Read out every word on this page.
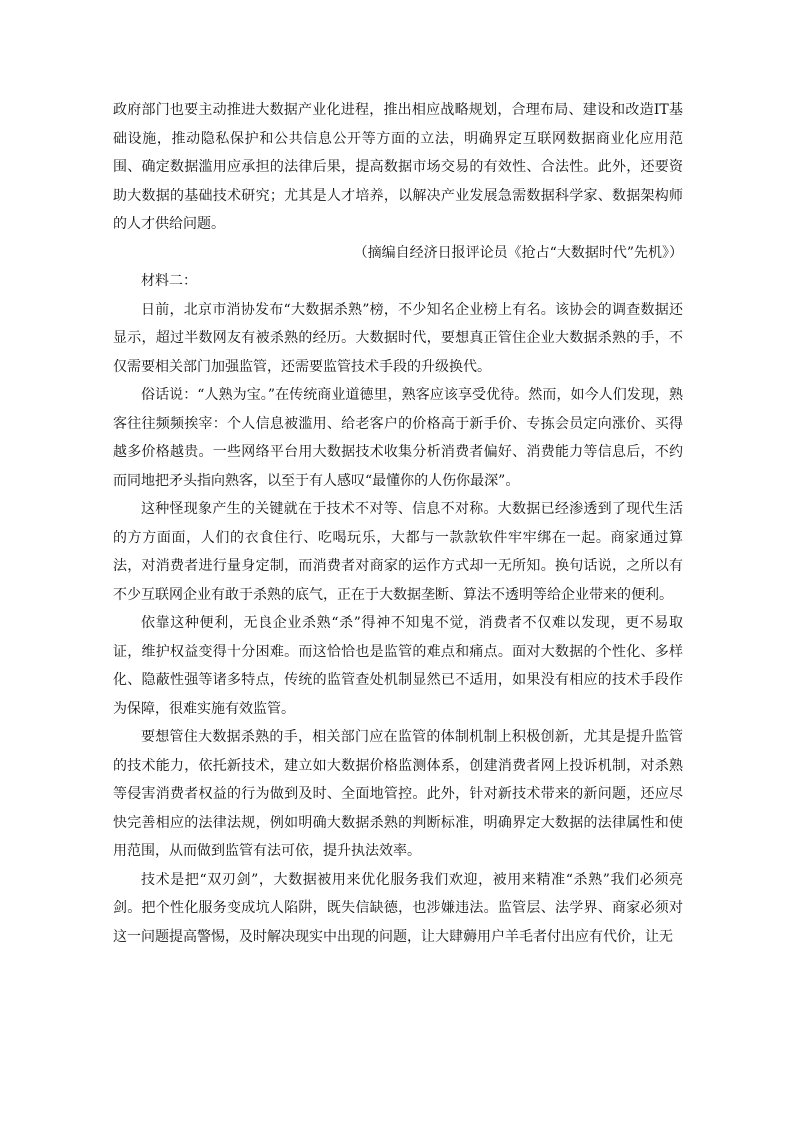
政府部门也要主动推进大数据产业化进程，推出相应战略规划，合理布局、建设和改造IT基础设施，推动隐私保护和公共信息公开等方面的立法，明确界定互联网数据商业化应用范围、确定数据滥用应承担的法律后果，提高数据市场交易的有效性、合法性。此外，还要资助大数据的基础技术研究；尤其是人才培养，以解决产业发展急需数据科学家、数据架构师的人才供给问题。

（摘编自经济日报评论员《抢占“大数据时代”先机》）

材料二：

日前，北京市消协发布“大数据杀熟”榜，不少知名企业榜上有名。该协会的调查数据还显示，超过半数网友有被杀熟的经历。大数据时代，要想真正管住企业大数据杀熟的手，不仅需要相关部门加强监管，还需要监管技术手段的升级换代。

俗话说：“人熟为宝。”在传统商业道德里，熟客应该享受优待。然而，如今人们发现，熟客往往频频挨宰：个人信息被滥用、给老客户的价格高于新手价、专拣会员定向涨价、买得越多价格越贵。一些网络平台用大数据技术收集分析消费者偏好、消费能力等信息后，不约而同地把矛头指向熟客，以至于有人感叹“最懂你的人伤你最深”。

这种怪现象产生的关键就在于技术不对等、信息不对称。大数据已经渗透到了现代生活的方方面面，人们的衣食住行、吃喝玩乐，大都与一款款软件牢牢绑在一起。商家通过算法，对消费者进行量身定制，而消费者对商家的运作方式却一无所知。换句话说，之所以有不少互联网企业有敢于杀熟的底气，正在于大数据垄断、算法不透明等给企业带来的便利。

依靠这种便利，无良企业杀熟“杀”得神不知鬼不觉，消费者不仅难以发现，更不易取证，维护权益变得十分困难。而这恰恰也是监管的难点和痛点。面对大数据的个性化、多样化、隐蔽性强等诸多特点，传统的监管查处机制显然已不适用，如果没有相应的技术手段作为保障，很难实施有效监管。

要想管住大数据杀熟的手，相关部门应在监管的体制机制上积极创新，尤其是提升监管的技术能力，依托新技术，建立如大数据价格监测体系，创建消费者网上投诉机制，对杀熟等侵害消费者权益的行为做到及时、全面地管控。此外，针对新技术带来的新问题，还应尽快完善相应的法律法规，例如明确大数据杀熟的判断标准，明确界定大数据的法律属性和使用范围，从而做到监管有法可依，提升执法效率。

技术是把“双刃剑”，大数据被用来优化服务我们欢迎，被用来精准“杀熟”我们必须亮剑。把个性化服务变成坑人陷阱，既失信缺德，也涉嫌违法。监管层、法学界、商家必须对这一问题提高警惕，及时解决现实中出现的问题，让大肆薅用户羊毛者付出应有代价，让无
